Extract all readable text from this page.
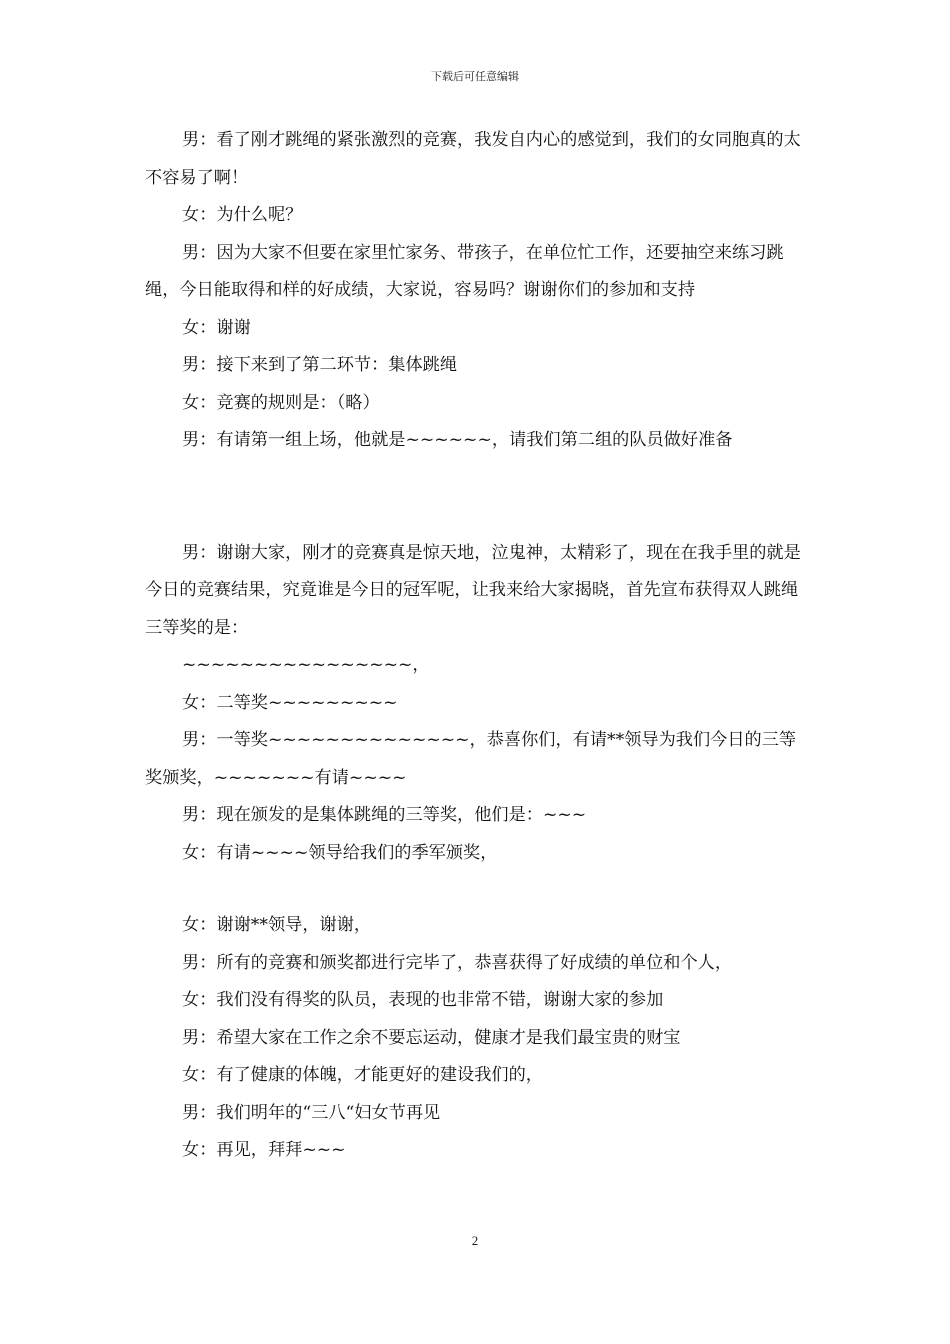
下载后可任意编辑

男：看了刚才跳绳的紧张激烈的竞赛，我发自内心的感觉到，我们的女同胞真的太不容易了啊！

女：为什么呢？

男：因为大家不但要在家里忙家务、带孩子，在单位忙工作，还要抽空来练习跳绳，今日能取得和样的好成绩，大家说，容易吗？谢谢你们的参加和支持

女：谢谢

男：接下来到了第二环节：集体跳绳

女：竞赛的规则是：（略）

男：有请第一组上场，他就是~~~~~~，请我们第二组的队员做好准备

男：谢谢大家，刚才的竞赛真是惊天地，泣鬼神，太精彩了，现在在我手里的就是今日的竞赛结果，究竟谁是今日的冠军呢，让我来给大家揭晓，首先宣布获得双人跳绳三等奖的是：

~~~~~~~~~~~~~~~~，

女：二等奖~~~~~~~~~

男：一等奖~~~~~~~~~~~~~~，恭喜你们，有请**领导为我们今日的三等奖颁奖，~~~~~~~有请~~~~

男：现在颁发的是集体跳绳的三等奖，他们是：~~~

女：有请~~~~领导给我们的季军颁奖，

女：谢谢**领导，谢谢，

男：所有的竞赛和颁奖都进行完毕了，恭喜获得了好成绩的单位和个人，

女：我们没有得奖的队员，表现的也非常不错，谢谢大家的参加

男：希望大家在工作之余不要忘运动，健康才是我们最宝贵的财宝

女：有了健康的体魄，才能更好的建设我们的，

男：我们明年的“三八“妇女节再见

女：再见，拜拜~~~

2
